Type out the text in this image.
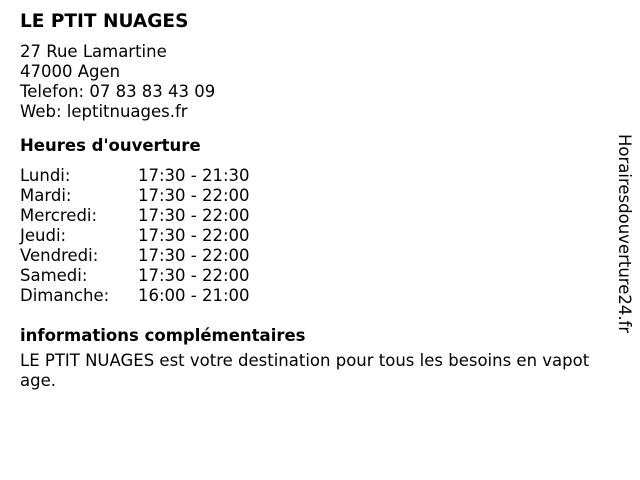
LE PTIT NUAGES
27 Rue Lamartine
47000 Agen
Telefon: 07 83 83 43 09
Web: leptitnuages.fr
Heures d'ouverture
Lundi:	17:30 - 21:30
Mardi:	17:30 - 22:00
Mercredi:	17:30 - 22:00
Jeudi:	17:30 - 22:00
Vendredi:	17:30 - 22:00
Samedi:	17:30 - 22:00
Dimanche:	16:00 - 21:00
informations complémentaires
LE PTIT NUAGES est votre destination pour tous les besoins en vapotage.
Horairesdouverture24.fr
